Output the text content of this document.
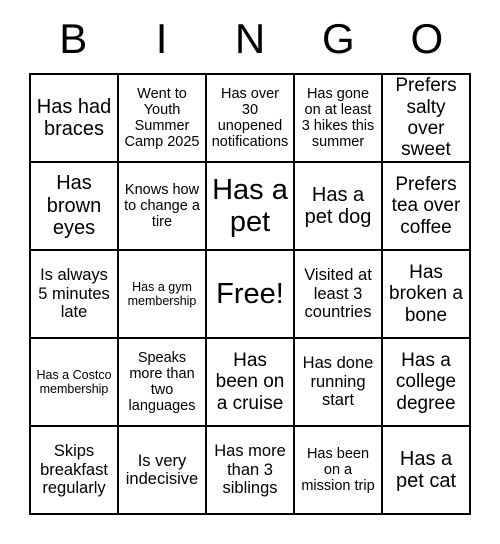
B	I	N	G	O
Has had braces
Went to Youth Summer Camp 2025
Has over 30 unopened notifications
Has gone on at least 3 hikes this summer
Prefers salty over sweet
Has brown eyes
Knows how to change a tire
Has a pet
Has a pet dog
Prefers tea over coffee
Is always 5 minutes late
Has a gym membership Free!
Visited at least 3 countries
Has broken a bone
Has a Costco membership
Speaks more than two languages
Has been on a cruise
Has done running start
Has a college degree
Skips breakfast regularly
Is very indecisive
Has more than 3 siblings
Has been on a mission trip
Has a pet cat
